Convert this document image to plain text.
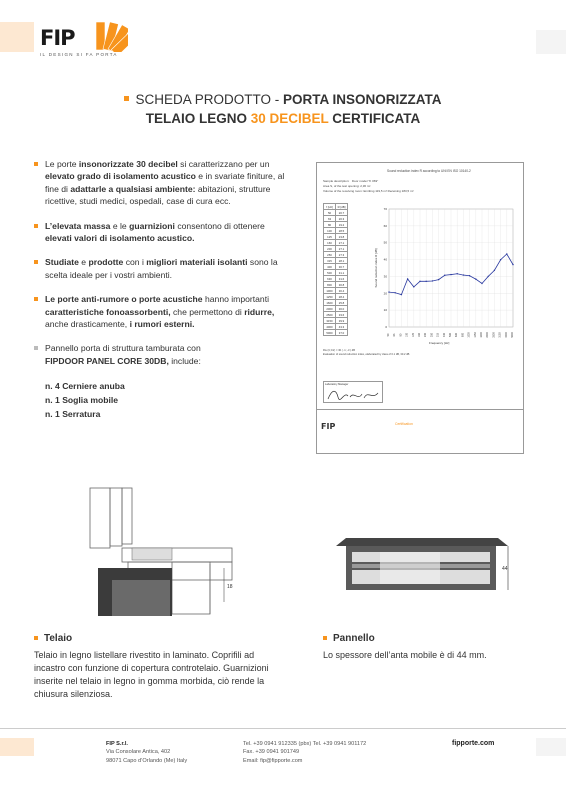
FIP
IL DESIGN SI FA PORTA
SCHEDA PRODOTTO - PORTA INSONORIZZATA
TELAIO LEGNO 30 DECIBEL CERTIFICATA
Le porte insonorizzate 30 decibel si caratterizzano per un elevato grado di isolamento acustico e in svariate finiture, al fine di adattarle a qualsiasi ambiente: abitazioni, strutture ricettive, studi medici, ospedali, case di cura ecc.
L’elevata massa e le guarnizioni consentono di ottenere elevati valori di isolamento acustico.
Studiate e prodotte con i migliori materiali isolanti sono la scelta ideale per i vostri ambienti.
Le porte anti-rumore o porte acustiche hanno importanti caratteristiche fonoassorbenti, che permettono di ridurre, anche drasticamente, i rumori esterni.
Pannello porta di struttura tamburata con
FIPDOOR PANEL CORE 30DB, include:
n. 4 Cerniere anuba
n. 1 Soglia mobile
n. 1 Serratura
Sound reduction index R according to UNI EN ISO 10140-2
Sample description: Door model "K 069"
Area S, of the test opening: 2,36 m²
Volume of the receiving room: Emitting 119,5 m³ Receiving 183,5 m³
f [Hz]	R [dB]
50	20.7
63	20.3
80	19.2
100	28.5
125	23.8
160	27.1
200	27.1
250	27.3
315	28.1
400	30.7
500	31.1
630	31.6
800	30.8
1000	30.4
1250	28.4
1600	25.8
2000	30.0
2500	33.6
3150	39.9
4000	43.3
5000	37.0
50 63 80 100 125 160 200 250 315 400 500 630 800 1000 1250 1600 2000 2500 3150 4000 5000
70
60
50
40
30
20
10
0
Sound reduction index R [dB]
Frequency [Hz]
Rw (C;Ctr) = 30 ( -1; -3 ) dB
Evaluation of sound reduction index, elaborated by class of 0.1 dB, 30.2 dB
Laboratory Manager
FIP	Certification
18
44
Telaio
Telaio in legno listellare rivestito in laminato. Coprifili ad incastro con funzione di copertura controtelaio. Guarnizioni inserite nel telaio in legno in gomma morbida, ciò rende la chiusura silenziosa.
Pannello
Lo spessore dell’anta mobile è di 44 mm.
FIP S.r.l.
Via Consolare Antica, 402
98071 Capo d’Orlando (Me) Italy
Tel. +39 0941 912335 (pbx) Tel. +39 0941 901172
Fax. +39 0941 901749
Email: fip@fipporte.com
fipporte.com
